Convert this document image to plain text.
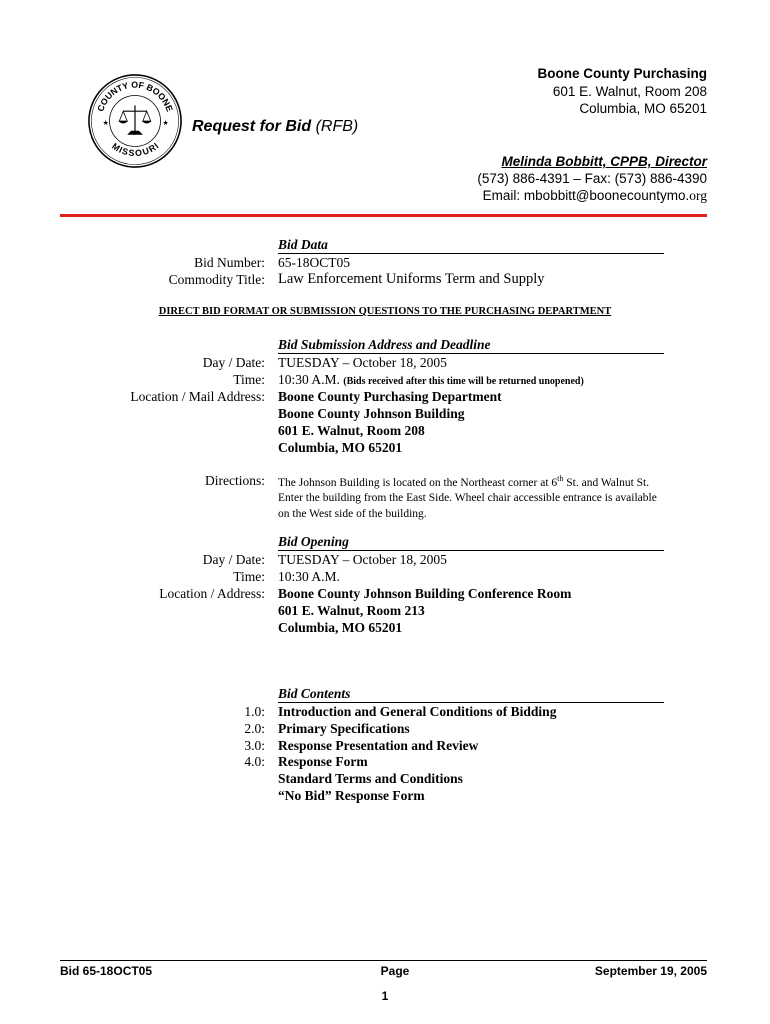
COUNTY OF BOONE
MISSOURI
★	★
Boone County Purchasing
601 E. Walnut, Room 208
Columbia, MO 65201
Request for Bid (RFB)
Melinda Bobbitt, CPPB, Director
(573) 886-4391 – Fax: (573) 886-4390
Email: mbobbitt@boonecountymo.org
Bid Data
Bid Number: 65-18OCT05
Commodity Title: Law Enforcement Uniforms Term and Supply
DIRECT BID FORMAT OR SUBMISSION QUESTIONS TO THE PURCHASING DEPARTMENT
Bid Submission Address and Deadline
Day / Date: TUESDAY – October 18, 2005
Time: 10:30 A.M. (Bids received after this time will be returned unopened)
Location / Mail Address: Boone County Purchasing Department
Boone County Johnson Building
601 E. Walnut, Room 208
Columbia, MO 65201
Directions: The Johnson Building is located on the Northeast corner at 6th St. and Walnut St. Enter the building from the East Side. Wheel chair accessible entrance is available on the West side of the building.
Bid Opening
Day / Date: TUESDAY – October 18, 2005
Time: 10:30 A.M.
Location / Address: Boone County Johnson Building Conference Room
601 E. Walnut, Room 213
Columbia, MO 65201
Bid Contents
1.0: Introduction and General Conditions of Bidding
2.0: Primary Specifications
3.0: Response Presentation and Review
4.0: Response Form
Standard Terms and Conditions
“No Bid” Response Form
Bid 65-18OCT05	Page	September 19, 2005
1
